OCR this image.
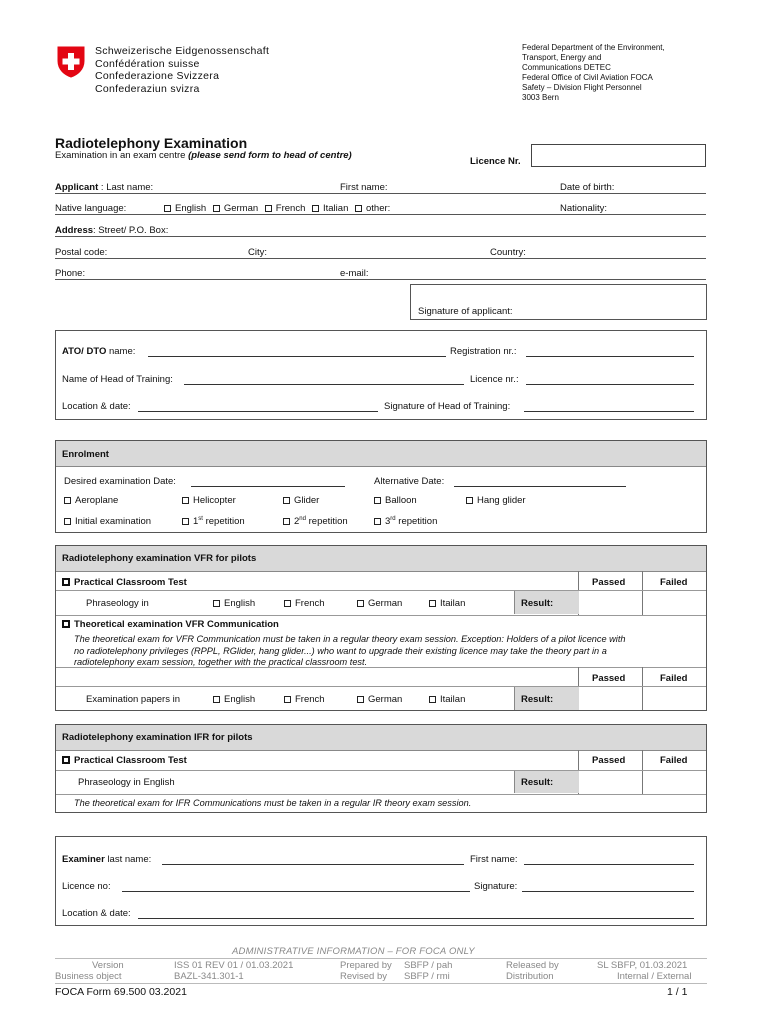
Schweizerische Eidgenossenschaft
Confédération suisse
Confederazione Svizzera
Confederaziun svizra
Federal Department of the Environment,
Transport, Energy and
Communications DETEC
Federal Office of Civil Aviation FOCA
Safety – Division Flight Personnel
3003 Bern
Radiotelephony Examination
Examination in an exam centre (please send form to head of centre)
Licence Nr.
Applicant : Last name:	First name:	Date of birth:
Native language:	English German French Italian other:	Nationality:
Address: Street/ P.O. Box:
Postal code:	City:	Country:
Phone:	e-mail:
Signature of applicant:
ATO/ DTO name:	Registration nr.:
Name of Head of Training:	Licence nr.:
Location & date:	Signature of Head of Training:
Enrolment
Desired examination Date:	Alternative Date:
Aeroplane	Helicopter	Glider	Balloon	Hang glider
Initial examination	1st repetition	2nd repetition	3rd repetition
Radiotelephony examination VFR for pilots
Practical Classroom Test	Passed	Failed
Phraseology in	English	French	German	Itailan	Result:
Theoretical examination VFR Communication
The theoretical exam for VFR Communication must be taken in a regular theory exam session. Exception: Holders of a pilot licence with
no radiotelephony privileges (RPPL, RGlider, hang glider...) who want to upgrade their existing licence may take the theory part in a
radiotelephony exam session, together with the practical classroom test.
Passed	Failed
Examination papers in	English	French	German	Itailan	Result:
Radiotelephony examination IFR for pilots
Practical Classroom Test	Passed	Failed
Phraseology in English	Result:
The theoretical exam for IFR Communications must be taken in a regular IR theory exam session.
Examiner last name:	First name:
Licence no:	Signature:
Location & date:
ADMINISTRATIVE INFORMATION – FOR FOCA ONLY
Version	ISS 01 REV 01 / 01.03.2021	Prepared by SBFP / pah	Released by	SL SBFP, 01.03.2021
Business object	BAZL-341.301-1	Revised by SBFP / rmi	Distribution	Internal / External
FOCA Form 69.500 03.2021	1 / 1
